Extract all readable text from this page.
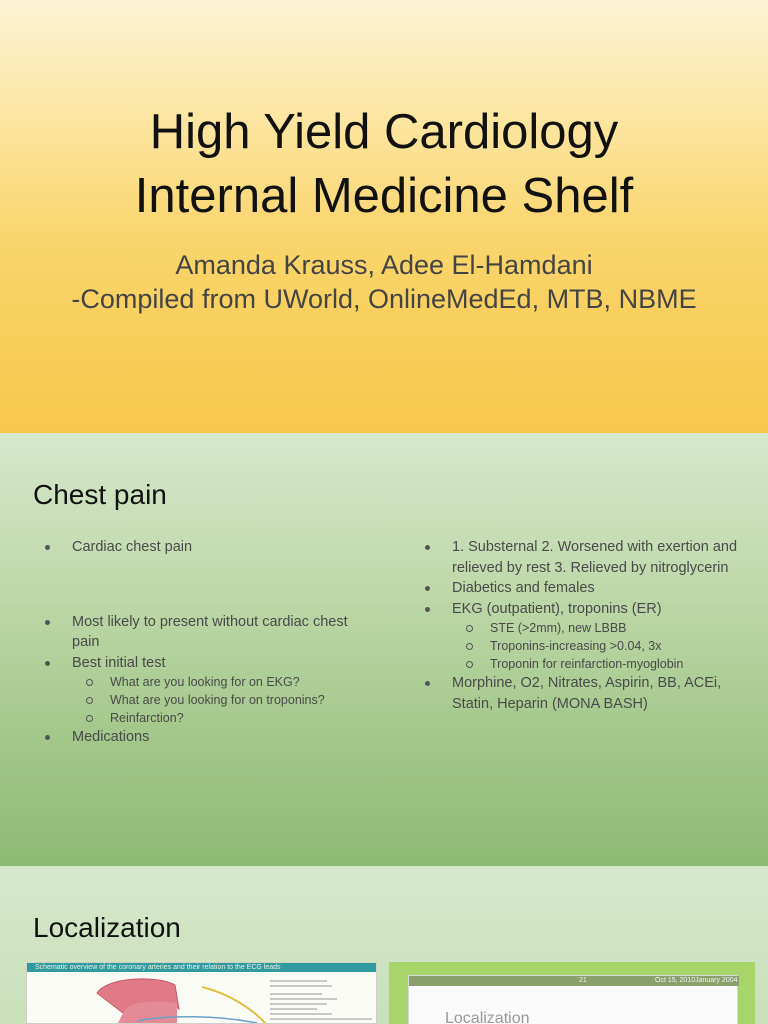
High Yield Cardiology
Internal Medicine Shelf
Amanda Krauss, Adee El-Hamdani
-Compiled from UWorld, OnlineMedEd, MTB, NBME
Chest pain
Cardiac chest pain
Most likely to present without cardiac chest pain
Best initial test
What are you looking for on EKG?
What are you looking for on troponins?
Reinfarction?
Medications
1. Substernal 2. Worsened with exertion and relieved by rest 3. Relieved by nitroglycerin
Diabetics and females
EKG (outpatient), troponins (ER)
STE (>2mm), new LBBB
Troponins-increasing >0.04, 3x
Troponin for reinfarction-myoglobin
Morphine, O2, Nitrates, Aspirin, BB, ACEi, Statin, Heparin (MONA BASH)
Localization
Schematic overview of the coronary arteries and their relation to the ECG leads
21	Oct 15, 2010January 2004
Localization
